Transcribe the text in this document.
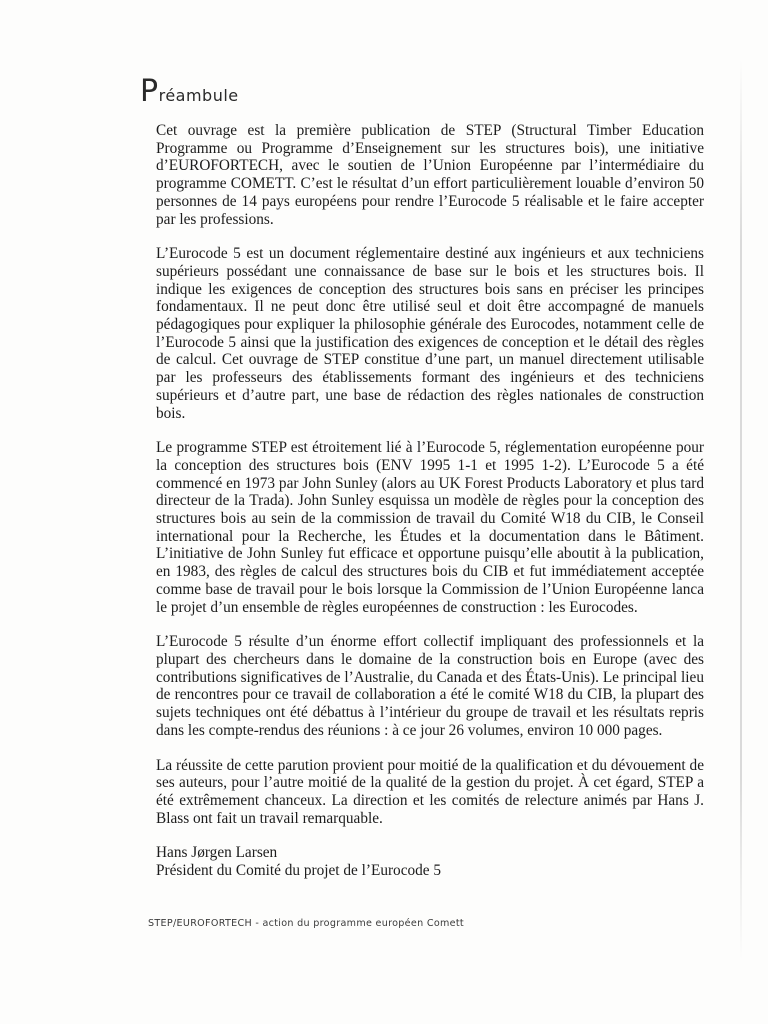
Préambule

Cet ouvrage est la première publication de STEP (Structural Timber Education Programme ou Programme d’Enseignement sur les structures bois), une initiative d’EUROFORTECH, avec le soutien de l’Union Européenne par l’intermédiaire du programme COMETT. C’est le résultat d’un effort particulièrement louable d’environ 50 personnes de 14 pays européens pour rendre l’Eurocode 5 réalisable et le faire accepter par les professions.

L’Eurocode 5 est un document réglementaire destiné aux ingénieurs et aux techniciens supérieurs possédant une connaissance de base sur le bois et les structures bois. Il indique les exigences de conception des structures bois sans en préciser les principes fondamentaux. Il ne peut donc être utilisé seul et doit être accompagné de manuels pédagogiques pour expliquer la philosophie générale des Eurocodes, notamment celle de l’Eurocode 5 ainsi que la justification des exigences de conception et le détail des règles de calcul. Cet ouvrage de STEP constitue d’une part, un manuel directement utilisable par les professeurs des établissements formant des ingénieurs et des techniciens supérieurs et d’autre part, une base de rédaction des règles nationales de construction bois.

Le programme STEP est étroitement lié à l’Eurocode 5, réglementation européenne pour la conception des structures bois (ENV 1995 1-1 et 1995 1-2). L’Eurocode 5 a été commencé en 1973 par John Sunley (alors au UK Forest Products Laboratory et plus tard directeur de la Trada). John Sunley esquissa un modèle de règles pour la conception des structures bois au sein de la commission de travail du Comité W18 du CIB, le Conseil international pour la Recherche, les Études et la documentation dans le Bâtiment. L’initiative de John Sunley fut efficace et opportune puisqu’elle aboutit à la publication, en 1983, des règles de calcul des structures bois du CIB et fut immédiatement acceptée comme base de travail pour le bois lorsque la Commission de l’Union Européenne lanca le projet d’un ensemble de règles européennes de construction : les Eurocodes.

L’Eurocode 5 résulte d’un énorme effort collectif impliquant des professionnels et la plupart des chercheurs dans le domaine de la construction bois en Europe (avec des contributions significatives de l’Australie, du Canada et des États-Unis). Le principal lieu de rencontres pour ce travail de collaboration a été le comité W18 du CIB, la plupart des sujets techniques ont été débattus à l’intérieur du groupe de travail et les résultats repris dans les compte-rendus des réunions : à ce jour 26 volumes, environ 10 000 pages.

La réussite de cette parution provient pour moitié de la qualification et du dévouement de ses auteurs, pour l’autre moitié de la qualité de la gestion du projet. À cet égard, STEP a été extrêmement chanceux. La direction et les comités de relecture animés par Hans J. Blass ont fait un travail remarquable.

Hans Jørgen Larsen

Président du Comité du projet de l’Eurocode 5

STEP/EUROFORTECH - action du programme européen Comett
